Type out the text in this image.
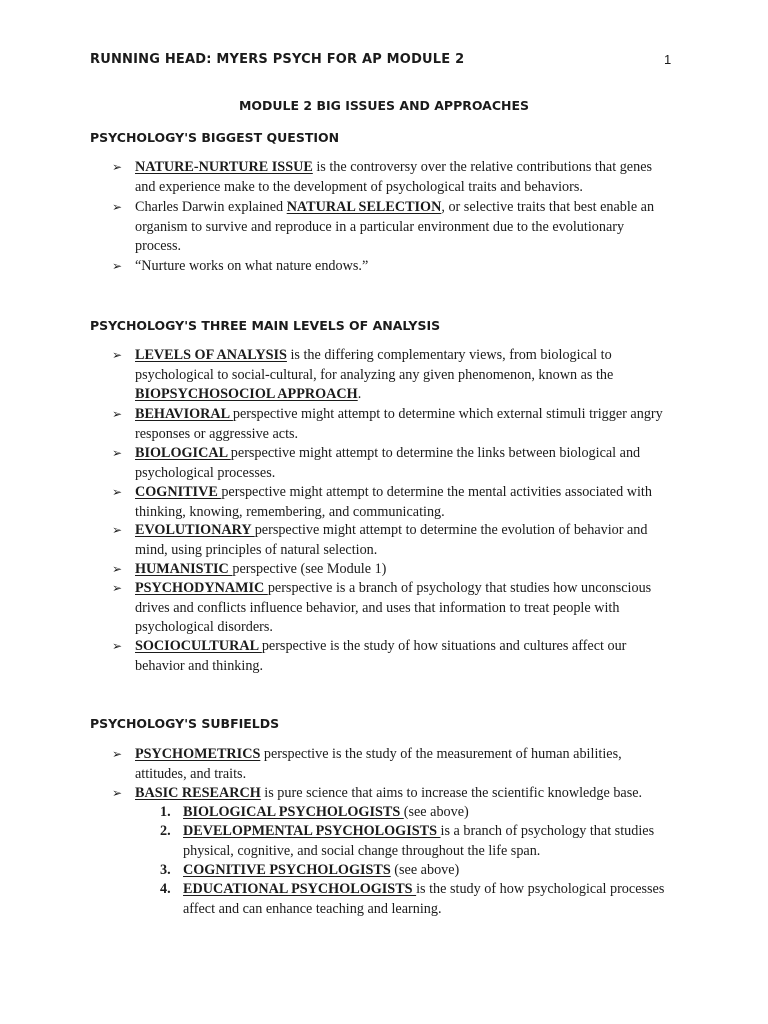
RUNNING HEAD: MYERS PSYCH FOR AP MODULE 2	1
MODULE 2 BIG ISSUES AND APPROACHES
PSYCHOLOGY'S BIGGEST QUESTION
➢ NATURE-NURTURE ISSUE is the controversy over the relative contributions that genes and experience make to the development of psychological traits and behaviors.
➢ Charles Darwin explained NATURAL SELECTION, or selective traits that best enable an organism to survive and reproduce in a particular environment due to the evolutionary process.
➢ “Nurture works on what nature endows.”
PSYCHOLOGY'S THREE MAIN LEVELS OF ANALYSIS
➢ LEVELS OF ANALYSIS is the differing complementary views, from biological to psychological to social-cultural, for analyzing any given phenomenon, known as the BIOPSYCHOSOCIOL APPROACH.
➢ BEHAVIORAL perspective might attempt to determine which external stimuli trigger angry responses or aggressive acts.
➢ BIOLOGICAL perspective might attempt to determine the links between biological and psychological processes.
➢ COGNITIVE perspective might attempt to determine the mental activities associated with thinking, knowing, remembering, and communicating.
➢ EVOLUTIONARY perspective might attempt to determine the evolution of behavior and mind, using principles of natural selection.
➢ HUMANISTIC perspective (see Module 1)
➢ PSYCHODYNAMIC perspective is a branch of psychology that studies how unconscious drives and conflicts influence behavior, and uses that information to treat people with psychological disorders.
➢ SOCIOCULTURAL perspective is the study of how situations and cultures affect our behavior and thinking.
PSYCHOLOGY'S SUBFIELDS
➢ PSYCHOMETRICS perspective is the study of the measurement of human abilities, attitudes, and traits.
➢ BASIC RESEARCH is pure science that aims to increase the scientific knowledge base.
1. BIOLOGICAL PSYCHOLOGISTS (see above)
2. DEVELOPMENTAL PSYCHOLOGISTS is a branch of psychology that studies physical, cognitive, and social change throughout the life span.
3. COGNITIVE PSYCHOLOGISTS (see above)
4. EDUCATIONAL PSYCHOLOGISTS is the study of how psychological processes affect and can enhance teaching and learning.
